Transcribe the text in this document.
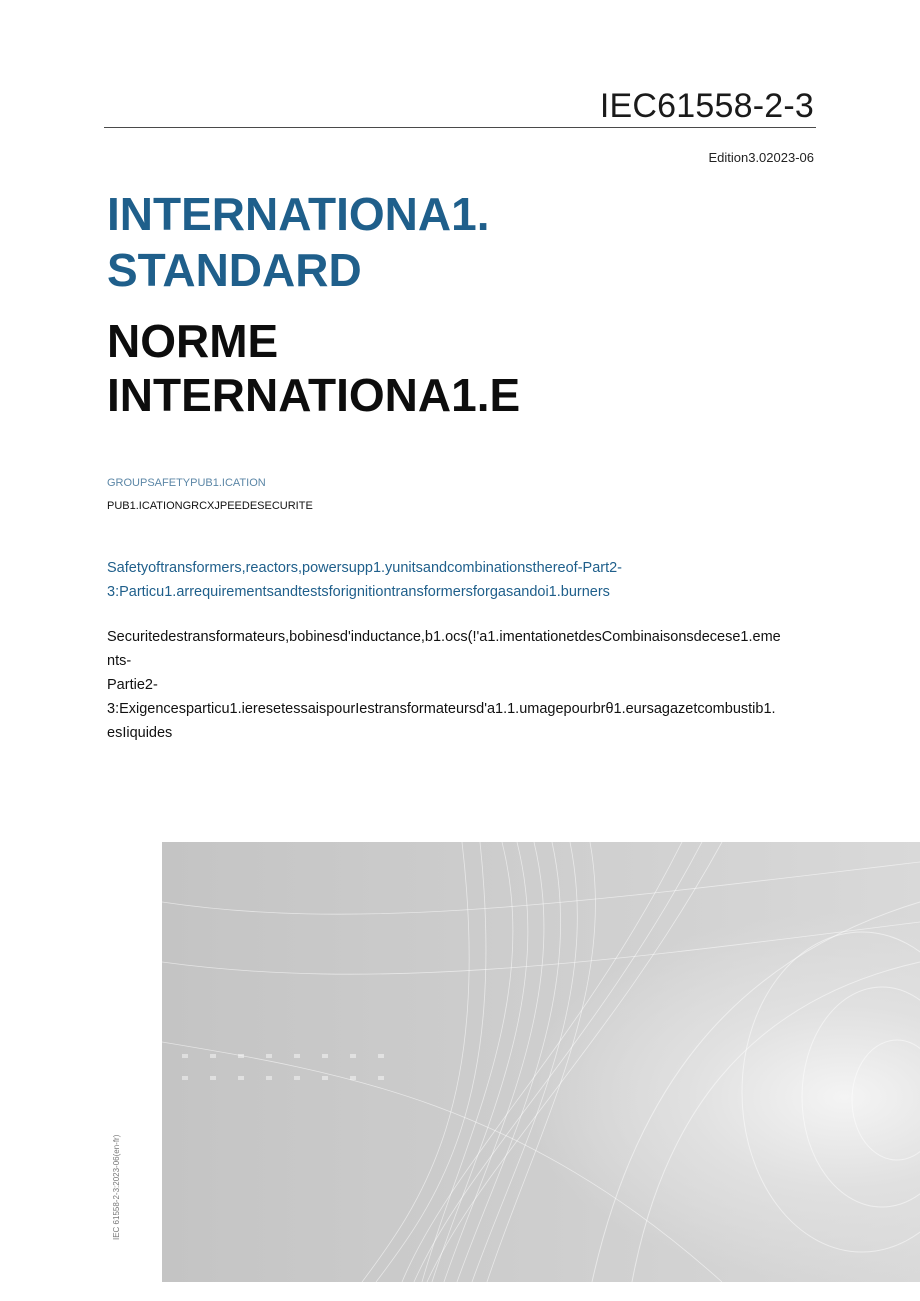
IEC61558-2-3
Edition3.02023-06
INTERNATIONA1.
STANDARD
NORME
INTERNATIONA1.E
GROUPSAFETYPUB1.ICATION
PUB1.ICATIONGRCXJPEEDESECURITE
Safetyoftransformers,reactors,powersupp1.yunitsandcombinationsthereof-Part2-
3:Particu1.arrequirementsandtestsforignitiontransformersforgasandoi1.burners
Securitedestransformateurs,bobinesd'inductance,b1.ocs(!'a1.imentationetdesCombinaisonsdecese1.eme
nts-
Partie2-
3:Exigencesparticu1.ieresetessaispourIestransformateursd'a1.1.umagepourbrθ1.eursagazetcombustib1.
esIiquides
IEC 61558-2-3:2023-06(en-fr)
